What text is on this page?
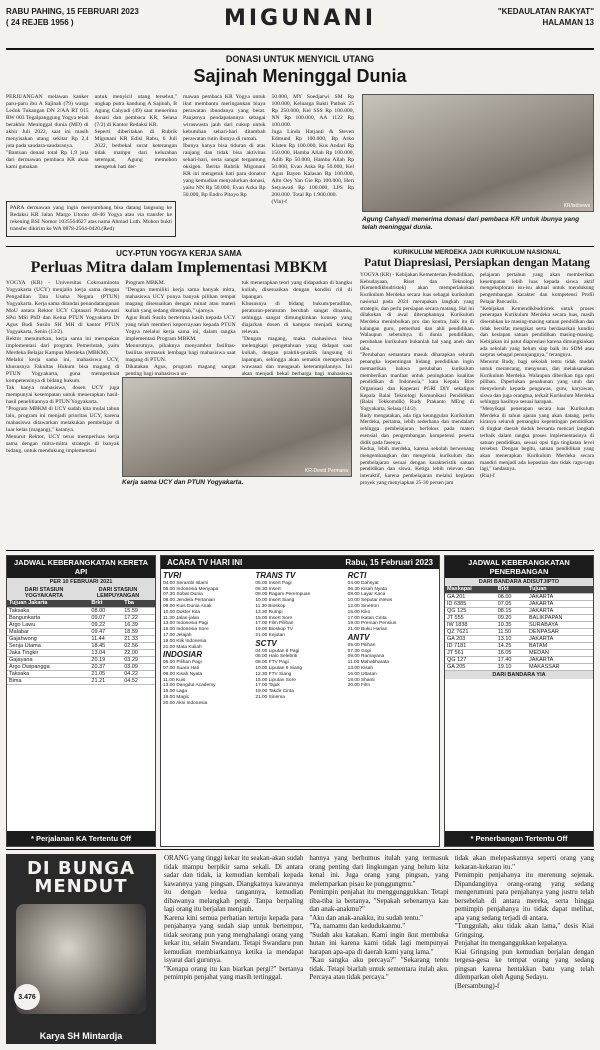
RABU PAHING, 15 FEBRUARI 2023
( 24 REJEB 1956 )	MIGUNANI	"KEDAULATAN RAKYAT"
HALAMAN 13
DONASI UNTUK MENYICIL UTANG
Sajinah Meninggal Dunia
PERJUANGAN melawan kanker paru-paru ibu A Sajinah (79) warga Ledok Tukangan DN 2/AA RT 015 RW 003 Tegalpanggung Yogya telah berakhir. Meninggal dunia (MD) di akhir Juli 2022, saat ini masih menyisakan utang sekitar Rp 2,4 juta pada saudara-saudaranya.
"Bantuan donasi total Rp 1,9 juta dari dermawan pembaca KR akan kami gunakan
untuk menyicil utang tersebut," ungkap putra kandung A Sajinah, B Agung Cahyadi (49) saat menerima donasi dan pembaca KR, Selasa (7/2) di Kantor Redaksi KR.
Seperti diberitakan di Rubrik Migunani KR Edisi Rabu, 6 Juli 2022, berbekal surat keterangan tidak mampu dari kelurahan setempat, Agung memohon mengetuk hati der-
mawan pembaca KR Yogya untuk ikut membantu meringankan biaya perawatan ibundanya yang berat. Panjatnya pendapatannya sebagai wiraswasta jauh dari cukup untuk kebutuhan sehari-hari ditambah perawatan rutin ibunya di rumah.
Ibunya hanya bisa tiduran di atas ranjang dan tidak bisa aktivitas sehari-hari, serta sangat tergantung oksigen. Berita Rubrik Migunani KR ini mengetuk hati para donatur yang kemudian menyalurkan donasi, yaitu NN Rp 50.000, Evan Azka Rp 50.000, Bp Endro Pitoyo Rp
50.000, MY Soedjarwi SM Rp 100.000, Keluarga Bakti Pathok 25 Rp 250.000, Kel SSS Rp 100.000, NN Rp 100.000, AA 1122 Rp 100.000.
Juga Linda Harjanti & Steven Edmund Rp 100.000, Bp Arko Klaten Rp 100.000, Kus Andari Rp 150.000, Hamba Allah Rp 100.000, Adib Rp 50.000, Hamba Allah Rp 50.000, Evan Aska Rp 50.000, Kel Agus Bayen Kalasan Rp 100.000, Alm Oey Yan Gie Rp 100.000, Heri Setyawati Rp 100.000, LPS Rp 200.000. Total Rp 1.900.000.
(Vin)-f
PARA dermawan yang ingin menyumbang bisa datang langsung ke Redaksi KR Jalan Margo Utomo 40-46 Yogya atau via transfer ke rekening BSI Nomor 1035564627 atas nama Ahmad Luth. Mohon bukti transfer dikirim ke WA 0878-2564-0420.(Red)
KR/ist/news
Agung Cahyadi menerima donasi dari pembaca KR untuk ibunya yang telah meninggal dunia.
UCY-PTUN YOGYA KERJA SAMA
Perluas Mitra dalam Implementasi MBKM
YOGYA (KR) - Universitas Cokroaminoto Yogyakarta (UCY) menjalin kerja sama dengan Pengadilan Tata Usaha Negara (PTUN) Yogyakarta. Kerja sama ditandai penandatanganan MoU antara Rektor UCY Ciptasari Prabawanti SPsi MSi PhD dan Ketua PTUN Yogyakarta Dr Agus Budi Susilo SH MH di kantor PTUN Yogyakarta, Senin (13/2).
Rektor menuturkan, kerja sama ini merupakan implementasi dari program Pemerintah, yaitu Merdeka Belajar Kampus Merdeka (MBKM).
Melalui kerja sama ini, mahasiswa UCY, khususnya Fakultas Hukum bisa magang di PTUN Yogyakarta, guna memperkuat kompetensinya di bidang hukum.
Tak hanya mahasiswa, dosen UCY juga mempunyai kesempatan untuk menerapkan hasil-hasil penelitiannya di PTUN Yogyakarta.
"Program MBKM di UCY sudah kita mulai tahun lalu, program ini menjadi prioritas UCY, karena mahasiswa ditawarkan melakukan pembelajar di luar kelas (magang)," katanya.
Menurut Rektor, UCY terus memperluas kerja sama dengan mitra-mitra strategis di banyak bidang, untuk mendukung implementasi
Program MBKM.
"Dengan memiliki kerja sama banyak mitra, mahasiswa UCY punya banyak pilihan tempat magang disesuaikan dengan minat atau materi kuliah yang sedang ditempuh," ujarnya.
Agus Budi Susilo berterima kasih kepada UCY yang telah memberi kepercayaan kepada PTUN Yogya melalui kerja sama ini, dalam rangka implementasi Program MBKM.
Menurutnya, pihaknya menyambut fasilitas-fasilitas termasuk lembaga bagi mahasiswa saat magang di PTUN.
Dikatakan Agus, program magang sangat penting bagi mahasiswa un-
tuk menerapkan teori yang didapatkan di bangku kuliah, disesuaikan dengan kondisi riil di lapangan.
Khususnya di bidang hukum/peradilan, peraturan-peraturan berubah sangat dinamis, sehingga sangat dimungkinkan konsep yang diajarkan dosen di kampus menjadi kurang relevan.
"Dengan magang, maka mahasiswa bisa melengkapi pengetahuan yang didapat saat kuliah, dengan praktik-praktik langsung di lapangan, sehingga akan semakin memperkaya wawasan dan mengasah keterampilannya. Ini akan menjadi bekal berharga bagi mahasiswa
KR-Devid Permana
Kerja sama UCY dan PTUN Yogyakarta.
KURIKULUM MERDEKA JADI KURIKULUM NASIONAL
Patut Diapresiasi, Persiapkan dengan Matang
YOGYA (KR) - Kebijakan Kementerian Pendidikan, Kebudayaan, Riset dan Teknologi (Kemendikbudristek) akan memperlakukan Kurikulum Merdeka secara luas sebagai kurikulum nasional pada 2024 merupakan langkah yang strategis, dan perlu persiapan secara matang. Hal ini dilakukan di awal diterapkannya Kurikulum Merdeka meninbulkan pro dan kontra, baik itu di kalangan guru, pemerhati dan ahli pendidikan. Walaupun sebetulnya di dunia pendidikan, perubahan kurikulum bukanlah hal yang aneh dan tabu.
"Perubahan semantara masuk diharapkan selurah penangka kepentingan bidang pendidikan ingin memastikan bahwa perubahan kurikulum memberikan manfaat untuk peningkatan kualitas pendidikan di Indonesia," kata Kepala Biro Organisasi dan Koperasi PGRI DIY sekaligus Kepala Balai Teknologi Komunikasi Pendidikan (Balai Tekkomdik) Rudy Prakanto MEng di Yogyakarta, Selasa (14/2).
Rudy mengatakan, ada tiga keunggulan Kurikulum Merdeka, pertama, lebih sederhana dan mendalam sehingga pembelajaran berfokus pada materi esensial dan pengembangan kompetensi peserta didik pada fasenya.
Kedua, lebih merdeka, karena sekolah berwenang mengembangkan dan mengelola kurikulum dan pembelajaran sesuai dengan karakteristik satuan pendidikan dan siswa. Ketiga lebih relevan dan interaktif, karena pembelajaran melalui kegiatan proyek yang menyiapkan 25-30 persen jam
pelajaran pertahun yang akan memberikan kesempatan lebih luas kepada siswa aktif mengeksplorasi isu-isu aktual untuk mendukung pengembangan karakter dan kompetensi Profil Pelajar Pancasila.
"Kebijakan Kemendikbudristek untuk proses penerapan Kurikulum Merdeka secara luas, masih diserahkan ke masing-masing satuan pendidikan dan tidak bersifat mengikat serta berdasarkan kondisi dan kesiapan satuan pendidikan masing-masing. Kebijakan ini patut diapresiasi karena dimungkinkan ada sekolah yang belum siap baik itu SDM atau sarpras sebagai penunjangnya," terangnya.
Menurut Rudy, bagi sekolah tentu tidak mudah untuk merancang, menyusun, dan melaksanakan Kurikulum Merdeka. Walaupun diberikan tiga opsi pilihan. Diperlukan penahunan yang utuh dan menyeluruh kepada pengawas, guru, karyawan, siswa dan juga orangtua, terkait Kurikulum Merdeka sehingga hasilnya sesuai harapan.
"Menyikapi penerapan secara luas Kurikulum Merdeka di tahun ajaran yang akan datang, perlu kiranya seluruh pemangku kepentingan pendidikan di tingkat daerah duduk bersama mencari langkah terbaik dalam rangka proses implementasinya di satuan pendidikan, sesuai opsi tiga tingkatan level tersebut. Dengan begitu, satuan pendidikan yang akan menerapkan Kurikulum Merdeka secara mandiri menjadi ada kepastian dan tidak ragu-ragu lagi," tandasnya.
(Ria)-f
JADWAL KEBERANGKATAN KERETA API
PER 10 FEBRUARI 2021
DARI STASIUN YOGYAKARTA
DARI STASIUN LEMPUYANGAN
Tujuan Jakarta	Brkt	Tba
Taksaka	08.00	15.59
Bangunkarta	09.07	17.22
Argo Lawu	09.22	16.39
Malabar	09.47	18.59
Gajahwong	11.44	21.33
Senja Utama	18.45	02.56
Jaka Tingkir	13.04	22.00
Gajayana	20.19	03.29
Argo Dwipangga	20.37	03.09
Taksaka	21.05	04.22
Bima	21.21	04.52
* Perjalanan KA Tertentu Off
ACARA TV HARI INI	Rabu, 15 Februari 2023
TVRI
04.00 Serambi Islami
05.00 Indonesia Menyapa
07.30 Sobat Dunia
08.00 Jendela Pertanian
09.00 Kuis Dunia Anak
10.00 Dokter Kita
11.30 Jalan-jalan
13.00 Indonesia Pagi
15.00 Indonesia Sore
17.00 Jelajah
19.00 Klik Indonesia
21.00 Mata Kuliah
INDOSIAR
05.00 Pilihan Pagi
07.00 Suara Hati
09.00 Kisah Nyata
11.00 Kuis
13.00 Dangdut Academy
16.00 Laga
18.00 Magic
20.00 Aksi Indonesia
TRANS TV
05.00 Insert Pagi
06.30 Insert
08.00 Ragam Perempuan
10.00 Insert Siang
11.30 Bioskop
13.30 Rumpi
15.00 Insert Sore
17.00 Film Pilihan
19.00 Bioskop TV
21.00 Kejutan
SCTV
04.00 Liputan 6 Pagi
06.00 Halo Selebriti
08.00 FTV Pagi
10.00 Liputan 6 Siang
12.30 FTV Siang
15.00 Liputan Sore
17.00 Tajuk
19.00 Takdir Cinta
21.00 Sinema
RCTI
04.00 Dahsyat
06.30 Kisah Nyata
08.00 Layar Kaca
10.00 Seputar iNews
12.00 Sinetron
15.00 Kiko
17.00 Ikatan Cinta
19.00 Preman Pensiun
21.00 Buku Harian
ANTV
05.00 Pilihan
07.30 Gopi
09.00 Ramayana
11.00 Mahabharata
13.00 Kisah
16.00 Uttaran
18.00 Shanti
20.00 Film
JADWAL KEBERANGKATAN PENERBANGAN
DARI BANDARA ADISUTJIPTO
Maskapai	Brkt	Tujuan
GA 201	06.00	JAKARTA
ID 6385	07.05	JAKARTA
QG 125	08.15	JAKARTA
JT 555	09.20	BALIKPAPAN
IW 1838	10.35	SURABAYA
QZ 7621	11.50	DENPASAR
GA 203	13.10	JAKARTA
ID 7181	14.25	BATAM
JT 561	16.05	MEDAN
QG 127	17.40	JAKARTA
GA 205	19.10	MAKASSAR
DARI BANDARA YIA
* Penerbangan Tertentu Off
DI BUNGA MENDUT
3.476
Karya SH Mintardja
ORANG yang tinggi kekar itu seakan-akan sudah tidak mampu berpikir sama sekali. Di antara sadar dan tidak, ia kemudian kembali kepada kawannya yang pingsan. Diangkatnya kawannya itu dengan kedua tangannya, kemudian dibawanya melangkah pergi. Tanpa berpaling lagi orang itu berjalan menjauh.
Karena kini semua perhatian tertuju kepada para penjahanya yang sudah siap untuk bertempur, tidak seorang pun yang menghalangi orang yang kekar itu, selain Swandaru. Tetapi Swandaru pun kemudian membiarkannya ketika ia mendapat isyarat dari gurunya.
"Kenapa orang itu kau biarkan pergi?" bertanya pemimpin penjahat yang masih tertinggal.
hannya yang berhumus itulah yang termasuk orang penting dari lingkungan yang belum kita kenal ini. Juga orang yang pingsan, yang melemparkan pisau ke punggungmu."
Pemimpin penjahat itu menggunggukkan. Tetapi tiba-tiba ia bertanya, "Sepakah sebenarnya kau dan anak-anakmu?"
"Aku dan anak-anakku, itu sudah tentu."
"Ya, namamu dan kedudukanmu."
"Sudah aku katakan. Kami ingin ikut membuka hutan ini karena kami tidak lagi mempunyai harapan apa-apa di daerah kami yang lama."
"Kau sangka aku percaya?" "Sekarang tentu tidak. Tetapi biarlah untuk sementara itulah aku. Percaya atau tidak percaya."
tidak akan melepaskannya seperti orang yang kekaran-kekaran itu."
Pemimpin penjahanya itu merenung sejenak. Dipandanginya orang-orang yang sedang mengerumuni para penjahanya yang justru telah bersebelah di antara mereka, serta hingga pemimpin penjahanya itu tidak dapat melihat, apa yang sedang terjadi di antara.
"Tunggulah, aku tidak akan lama," desis Kiai Gringsing.
Penjahat itu menganggukkan kepalanya.
Kiai Gringsing pun kemudian berjalan dengan tergesa-gesa ke tempat orang yang sedang pingsan karena hentakkan batu yang telah dilemparkan oleh Agung Sedayu.
(Bersambung)-f
